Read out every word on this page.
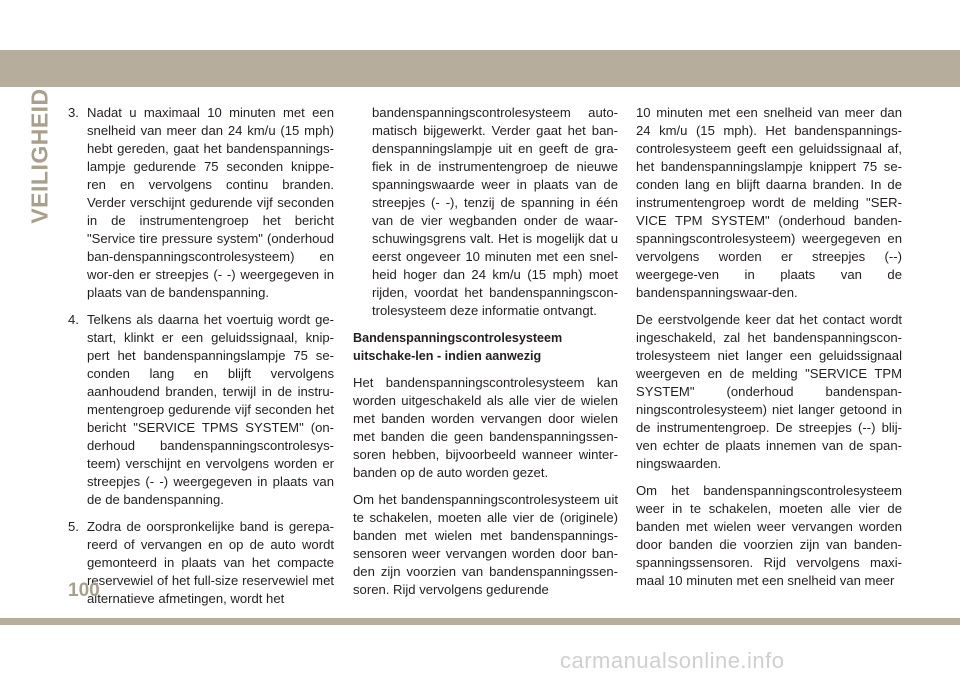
VEILIGHEID 3. Nadat u maximaal 10 minuten met een snelheid van meer dan 24 km/u (15 mph) hebt gereden, gaat het bandenspannings-lampje gedurende 75 seconden knippe-ren en vervolgens continu branden. Verder verschijnt gedurende vijf seconden in de instrumentengroep het bericht "Service tire pressure system" (onderhoud ban-denspanningscontrolesysteem) en wor-den er streepjes (- -) weergegeven in plaats van de bandenspanning.
4. Telkens als daarna het voertuig wordt ge-start, klinkt er een geluidssignaal, knip-pert het bandenspanningslampje 75 se-conden lang en blijft vervolgens aanhoudend branden, terwijl in de instru-mentengroep gedurende vijf seconden het bericht "SERVICE TPMS SYSTEM" (on-derhoud bandenspanningscontrolesys-teem) verschijnt en vervolgens worden er streepjes (- -) weergegeven in plaats van de de bandenspanning.
5. Zodra de oorspronkelijke band is gerepa-reerd of vervangen en op de auto wordt gemonteerd in plaats van het compacte reservewiel of het full-size reservewiel met alternatieve afmetingen, wordt het

bandenspanningscontrolesysteem auto-matisch bijgewerkt. Verder gaat het ban-denspanningslampje uit en geeft de gra-fiek in de instrumentengroep de nieuwe spanningswaarde weer in plaats van de streepjes (- -), tenzij de spanning in één van de vier wegbanden onder de waar-schuwingsgrens valt. Het is mogelijk dat u eerst ongeveer 10 minuten met een snel-heid hoger dan 24 km/u (15 mph) moet rijden, voordat het bandenspanningscon-trolesysteem deze informatie ontvangt.

Bandenspanningscontrolesysteem uitschake-len - indien aanwezig

Het bandenspanningscontrolesysteem kan worden uitgeschakeld als alle vier de wielen met banden worden vervangen door wielen met banden die geen bandenspanningssen-soren hebben, bijvoorbeeld wanneer winter-banden op de auto worden gezet.

Om het bandenspanningscontrolesysteem uit te schakelen, moeten alle vier de (originele) banden met wielen met bandenspannings-sensoren weer vervangen worden door ban-den zijn voorzien van bandenspanningssen-soren. Rijd vervolgens gedurende

10 minuten met een snelheid van meer dan 24 km/u (15 mph). Het bandenspannings-controlesysteem geeft een geluidssignaal af, het bandenspanningslampje knippert 75 se-conden lang en blijft daarna branden. In de instrumentengroep wordt de melding "SER-VICE TPM SYSTEM" (onderhoud banden-spanningscontrolesysteem) weergegeven en vervolgens worden er streepjes (--) weergege-ven in plaats van de bandenspanningswaar-den.

De eerstvolgende keer dat het contact wordt ingeschakeld, zal het bandenspanningscon-trolesysteem niet langer een geluidssignaal weergeven en de melding "SERVICE TPM SYSTEM" (onderhoud bandenspan-ningscontrolesysteem) niet langer getoond in de instrumentengroep. De streepjes (--) blij-ven echter de plaats innemen van de span-ningswaarden.

Om het bandenspanningscontrolesysteem weer in te schakelen, moeten alle vier de banden met wielen weer vervangen worden door banden die voorzien zijn van banden-spanningssensoren. Rijd vervolgens maxi-maal 10 minuten met een snelheid van meer

100
carmanualsonline.info
